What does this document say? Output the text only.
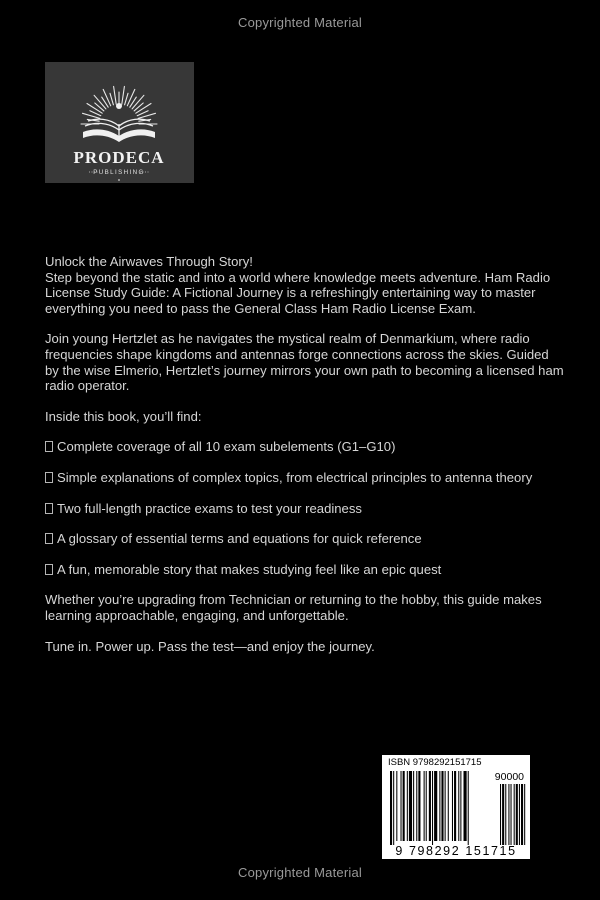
Copyrighted Material
PRODECA
PUBLISHING

Unlock the Airwaves Through Story!

Step beyond the static and into a world where knowledge meets adventure. Ham Radio License Study Guide: A Fictional Journey is a refreshingly entertaining way to master everything you need to pass the General Class Ham Radio License Exam.

Join young Hertzlet as he navigates the mystical realm of Denmarkium, where radio frequencies shape kingdoms and antennas forge connections across the skies. Guided by the wise Elmerio, Hertzlet’s journey mirrors your own path to becoming a licensed ham radio operator.

Inside this book, you’ll find:

Complete coverage of all 10 exam subelements (G1–G10)

Simple explanations of complex topics, from electrical principles to antenna theory

Two full-length practice exams to test your readiness

A glossary of essential terms and equations for quick reference

A fun, memorable story that makes studying feel like an epic quest

Whether you’re upgrading from Technician or returning to the hobby, this guide makes learning approachable, engaging, and unforgettable.

Tune in. Power up. Pass the test—and enjoy the journey.

ISBN 9798292151715
90000
9 798292 151715
Copyrighted Material
